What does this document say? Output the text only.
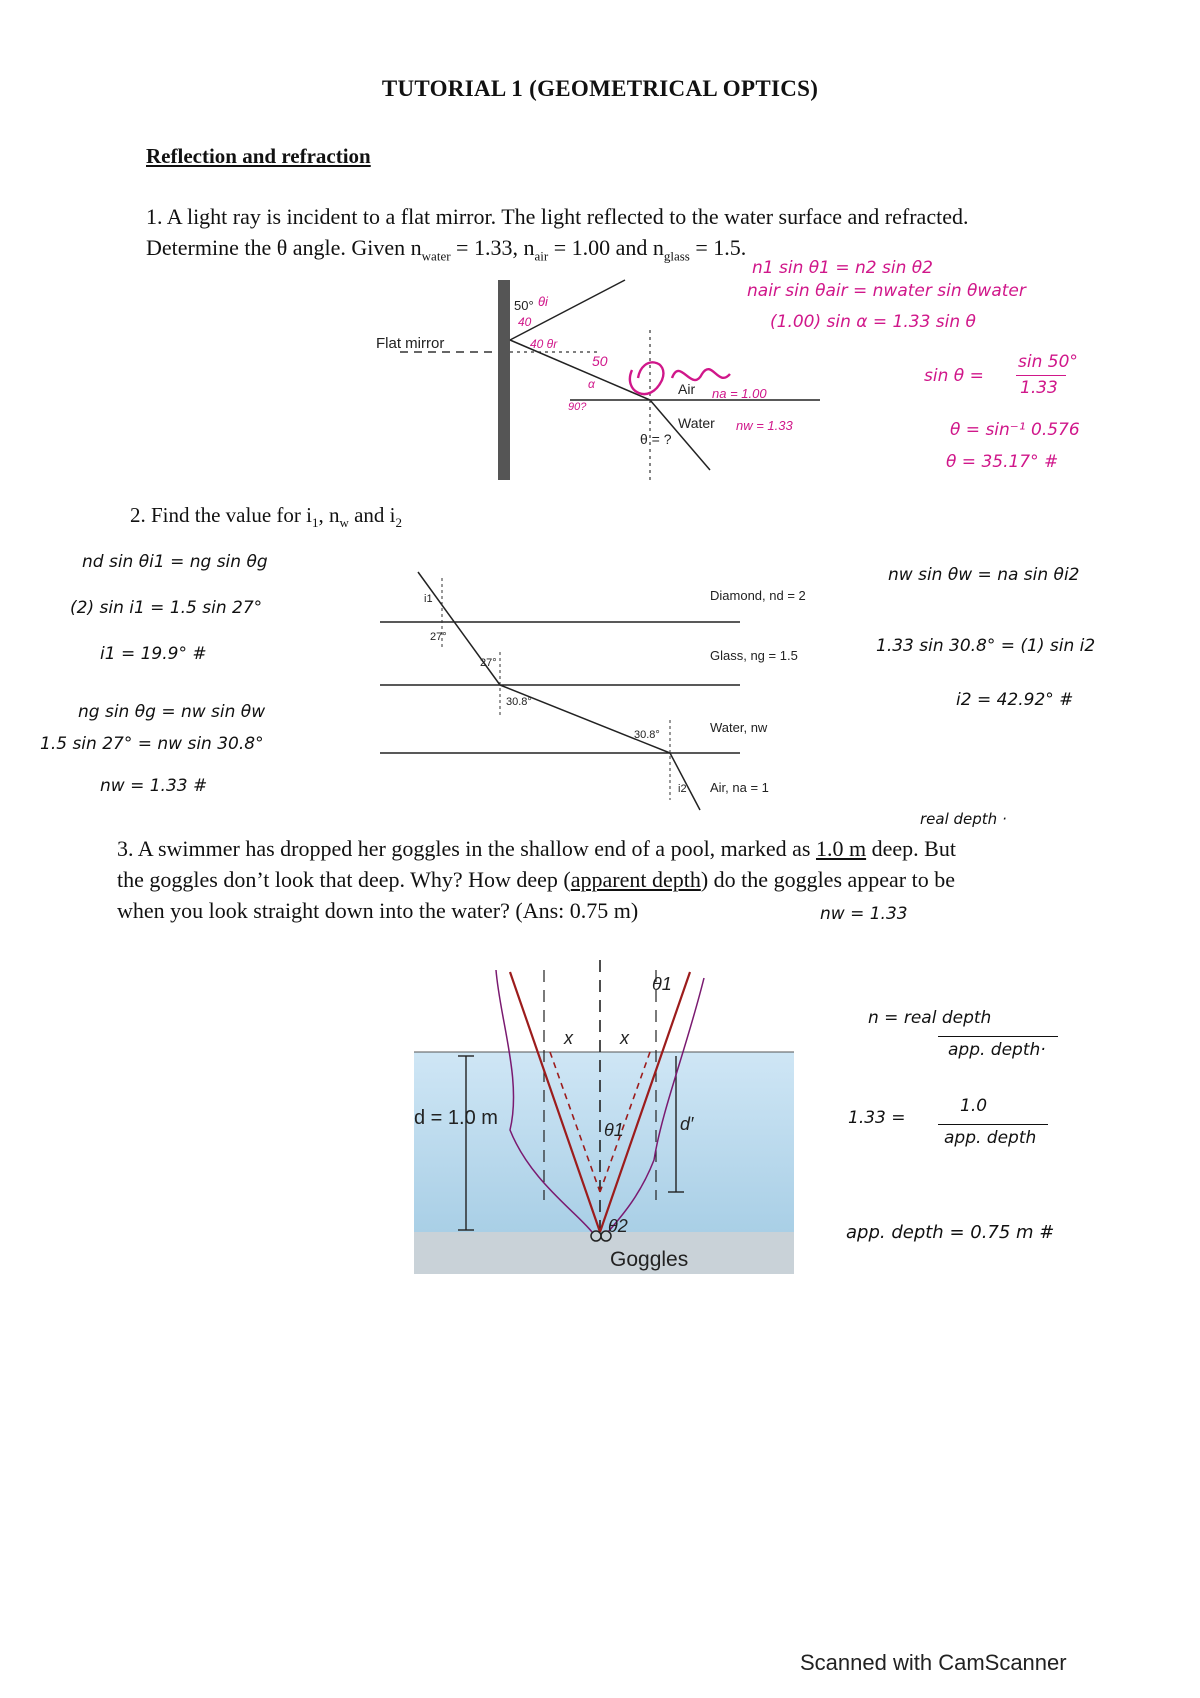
TUTORIAL 1 (GEOMETRICAL OPTICS)
Reflection and refraction
1. A light ray is incident to a flat mirror. The light reflected to the water surface and refracted.
Determine the θ angle. Given $n_{water} = 1.33$, $n_{air} = 1.00$ and $n_{glass} = 1.5$.
Flat mirror
50°
Air
Water
θ = ?
40
θi
40 θr
90?
α
50
na = 1.00
nw = 1.33
n1 sin θ1 = n2 sin θ2
nair sin θair = nwater sin θwater
(1.00) sin α = 1.33 sin θ
sin θ =
sin 50°
1.33
θ = sin⁻¹ 0.576
θ = 35.17° #
2. Find the value for $i_1$, $n_w$ and $i_2$
i1
27°
27°
30.8°
30.8°
i2
Diamond, nd = 2
Glass, ng = 1.5
Water, nw
Air, na = 1
nd sin θi1 = ng sin θg
(2) sin i1 = 1.5 sin 27°
i1 = 19.9° #
ng sin θg = nw sin θw
1.5 sin 27° = nw sin 30.8°
nw = 1.33 #
nw sin θw = na sin θi2
1.33 sin 30.8° = (1) sin i2
i2 = 42.92° #
real depth ·
3. A swimmer has dropped her goggles in the shallow end of a pool, marked as 1.0 m deep. But
the goggles don’t look that deep. Why? How deep (apparent depth) do the goggles appear to be
when you look straight down into the water? (Ans: 0.75 m)	nw = 1.33
x	x
θ1
θ1
θ2
d′
d = 1.0 m
Goggles
n = real depth
app. depth·
1.33 =
1.0
app. depth
app. depth = 0.75 m #
Scanned with CamScanner
